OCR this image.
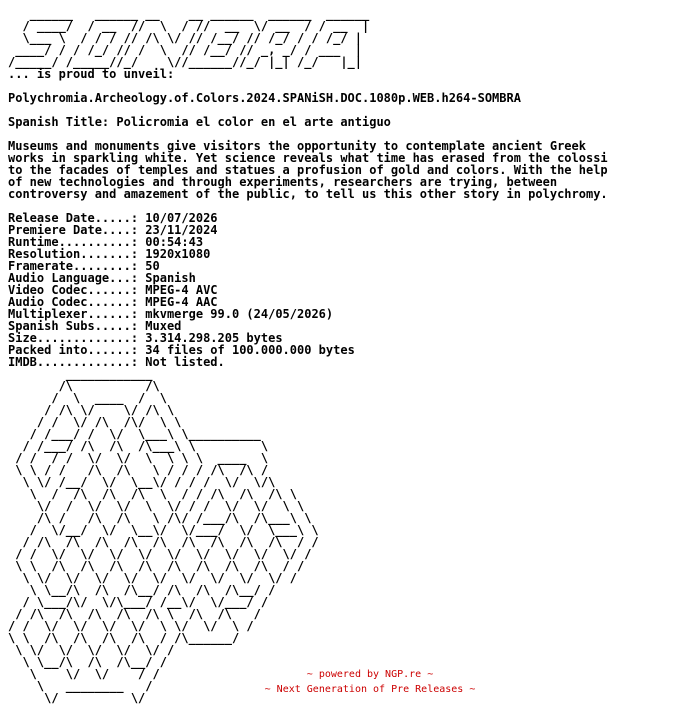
______   ______ __    __ ______  ______  ______
/ ____/  / __  //  \  / //  __  \/ __  / / __  |
\___ \  / / / // /\ \/ // /__/ // /_/ / / /_/ |
____/ / / /_/ // /  \  // /__/ // _, _/ / ___  |
/_____/ /_____//_/    \//______//_/ |_| /_/   |_|
... is proud to unveil:

Polychromia.Archeology.of.Colors.2024.SPANiSH.DOC.1080p.WEB.h264-SOMBRA

Spanish Title: Policromia el color en el arte antiguo

Museums and monuments give visitors the opportunity to contemplate ancient Greek
works in sparkling white. Yet science reveals what time has erased from the colossi
to the facades of temples and statues a profusion of gold and colors. With the help
of new technologies and through experiments, researchers are trying, between
controversy and amazement of the public, to tell us this other story in polychromy.

Release Date.....: 10/07/2026
Premiere Date....: 23/11/2024
Runtime..........: 00:54:43
Resolution.......: 1920x1080
Framerate........: 50
Audio Language...: Spanish
Video Codec......: MPEG-4 AVC
Audio Codec......: MPEG-4 AAC
Multiplexer......: mkvmerge 99.0 (24/05/2026)
Spanish Subs.....: Muxed
Size.............: 3.314.298.205 bytes
Packed into......: 34 files of 100.000.000 bytes
IMDB.............: Not listed.
____________
/\          /\
/  \  ____  /  \
/ /\ \/    \/ /\ \
/ /  \/ /\  /\/  \ \
/ /___/ /  \/  \___\ \__________
/ /___/ /\  /\  /\___\ \         \
/ /  / /  \/  \/  \  \ \ \  ____  \
\ \ / /   /\  /\   \ / / / /\  /\ /
\ \/ /__/  \/  \__\/ / / /  \/  \/\
\  /  /\  /\  /\  \  / / /\  /\  /\ \
\/  /  \/  \/  \  \/ / /  \/  \/  \ \
/\ /   /\  /\   \ /\/ /___/\  /\___\ \
/  \/__/  \/  \__\/  \/___/  \/  \___\ \
/ /\  /\  /\  /\  /\  /\  /\  /\  /\  / /
/ /  \/  \/  \/  \/  \/  \/  \/  \/  \/ /
\ \  /\  /\  /\  /\  /\  /\  /\  /\  / /
\ \/  \/  \/  \/  \/  \/  \/  \/  \/ /
\ \__/\  /\  /\__/ /\  /\  /\__/ /
/ \___/\/  \/\___/ /__\/  \/___/ /
/ /\  /\  /\  /\  /\ \  /\  /\   /
/ /  \/  \/  \/  \/  \ \/  \/  \ /
\ \  /\  /\  /\  /\  / /\______/
\ \/  \/  \/  \/  \/ /
\ \__/\  /\  /\__/ /
\    \/  \/    / /
\   ________   /
\/          \/
~ powered by NGP.re ~
~ Next Generation of Pre Releases ~
